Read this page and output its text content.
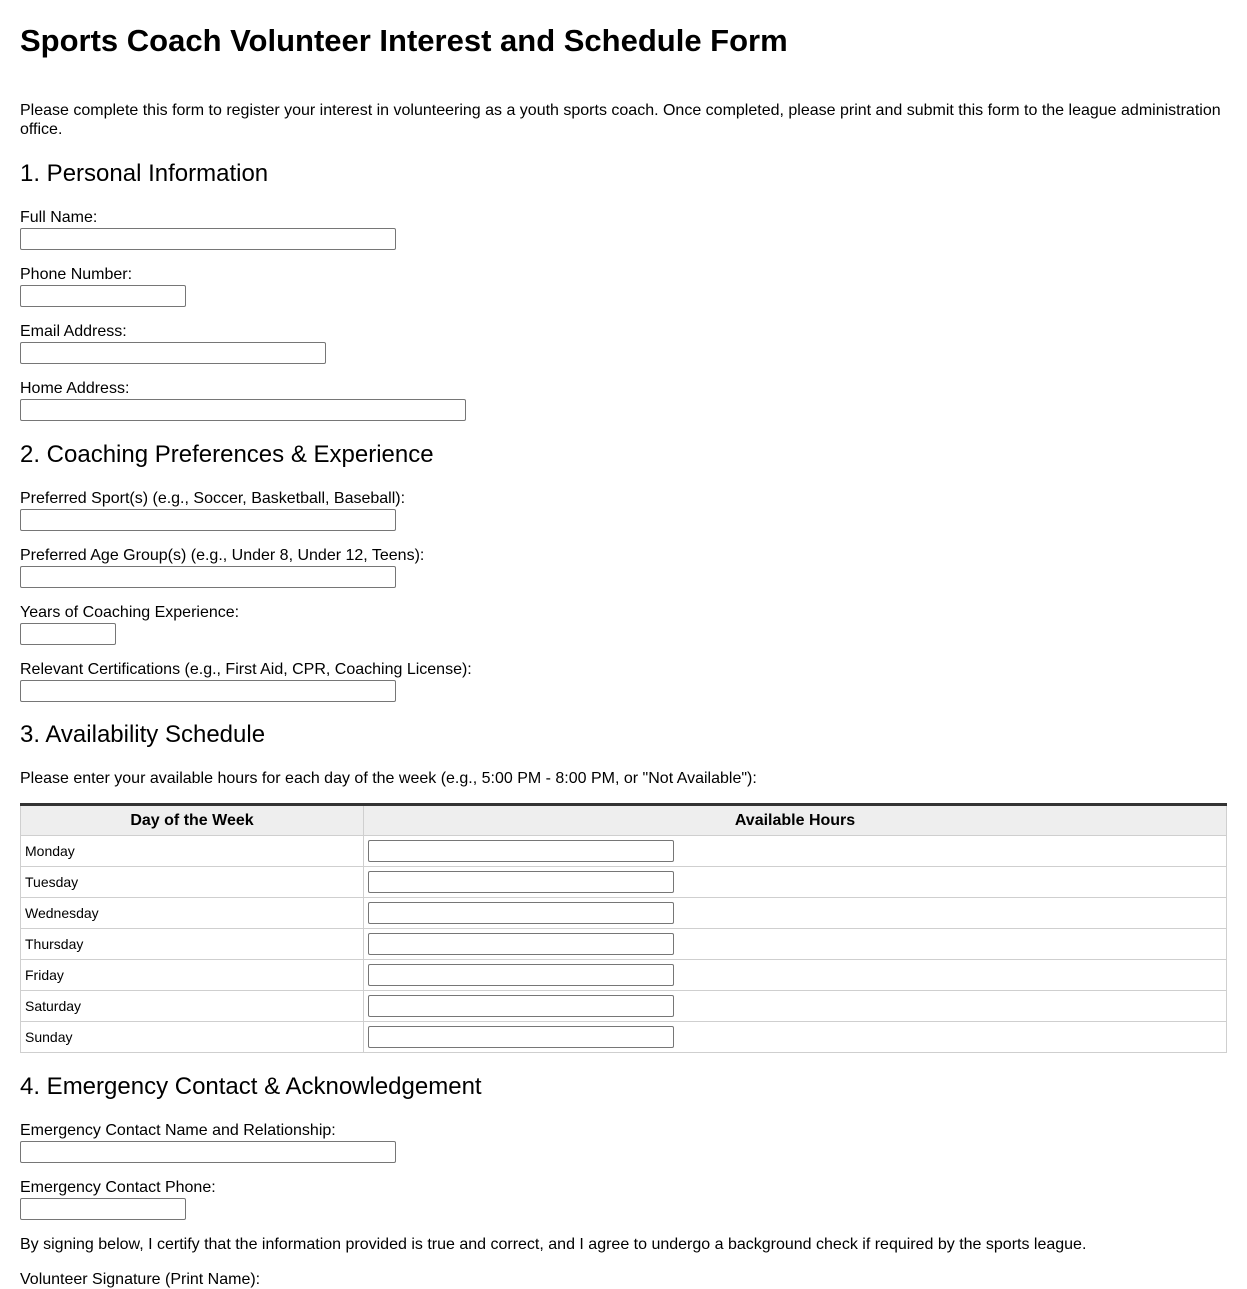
Sports Coach Volunteer Interest and Schedule Form

Please complete this form to register your interest in volunteering as a youth sports coach. Once completed, please print and submit this form to the league administration office.

1. Personal Information
Full Name:
Phone Number:
Email Address:
Home Address:
2. Coaching Preferences & Experience
Preferred Sport(s) (e.g., Soccer, Basketball, Baseball):
Preferred Age Group(s) (e.g., Under 8, Under 12, Teens):
Years of Coaching Experience:
Relevant Certifications (e.g., First Aid, CPR, Coaching License):
3. Availability Schedule

Please enter your available hours for each day of the week (e.g., 5:00 PM - 8:00 PM, or "Not Available"):

Day of the Week	Available Hours
Monday	

Tuesday	

Wednesday	

Thursday	

Friday	

Saturday	

Sunday	
4. Emergency Contact & Acknowledgement
Emergency Contact Name and Relationship:
Emergency Contact Phone:

By signing below, I certify that the information provided is true and correct, and I agree to undergo a background check if required by the sports league.

Volunteer Signature (Print Name):
